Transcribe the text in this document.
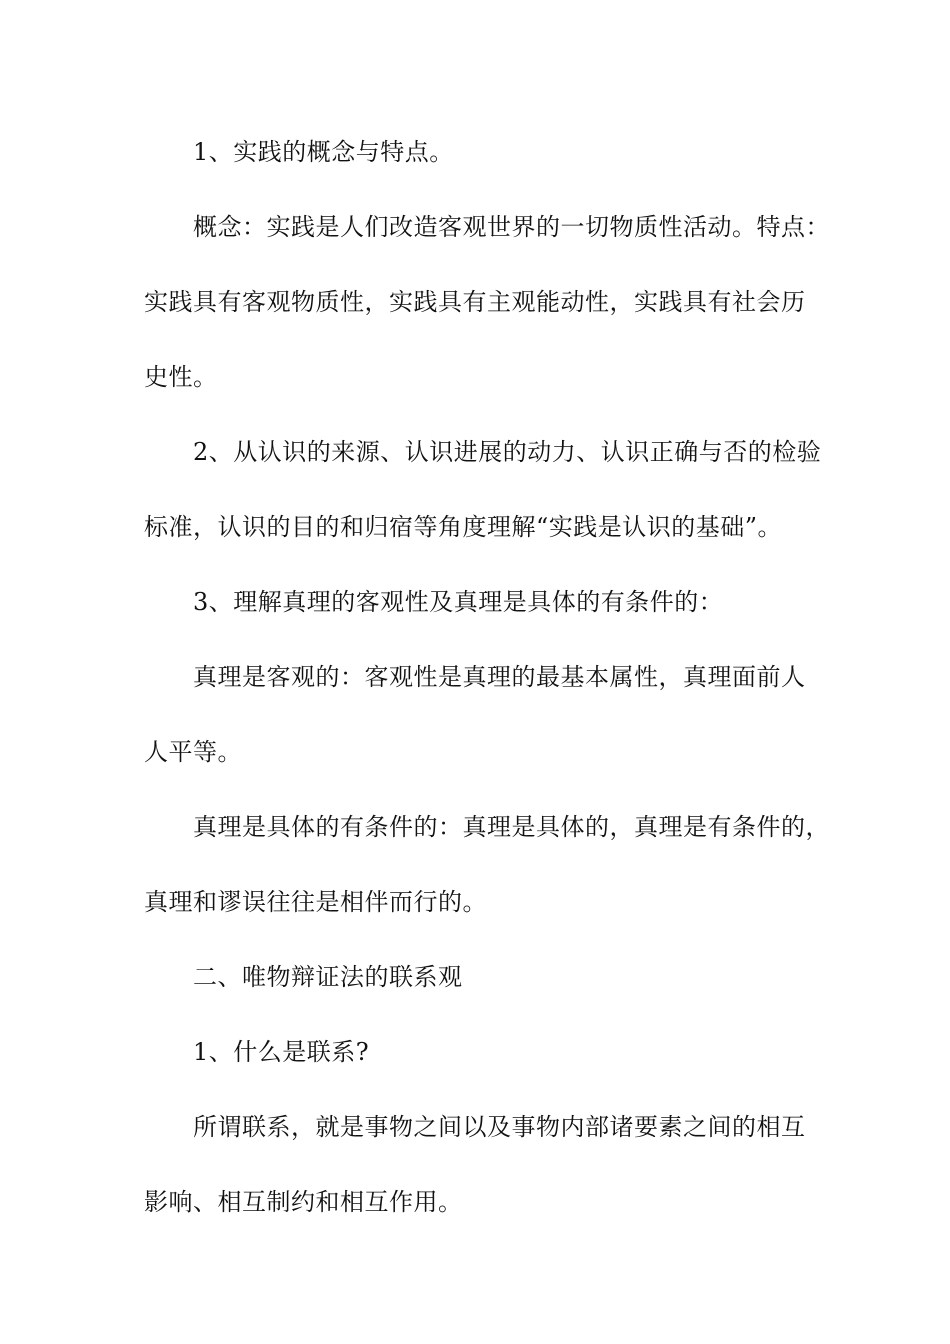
1、实践的概念与特点。

概念：实践是人们改造客观世界的一切物质性活动。特点：

实践具有客观物质性，实践具有主观能动性，实践具有社会历

史性。

2、从认识的来源、认识进展的动力、认识正确与否的检验

标准，认识的目的和归宿等角度理解“实践是认识的基础”。

3、理解真理的客观性及真理是具体的有条件的：

真理是客观的：客观性是真理的最基本属性，真理面前人

人平等。

真理是具体的有条件的：真理是具体的，真理是有条件的，

真理和谬误往往是相伴而行的。

二、唯物辩证法的联系观

1、什么是联系?

所谓联系，就是事物之间以及事物内部诸要素之间的相互

影响、相互制约和相互作用。
